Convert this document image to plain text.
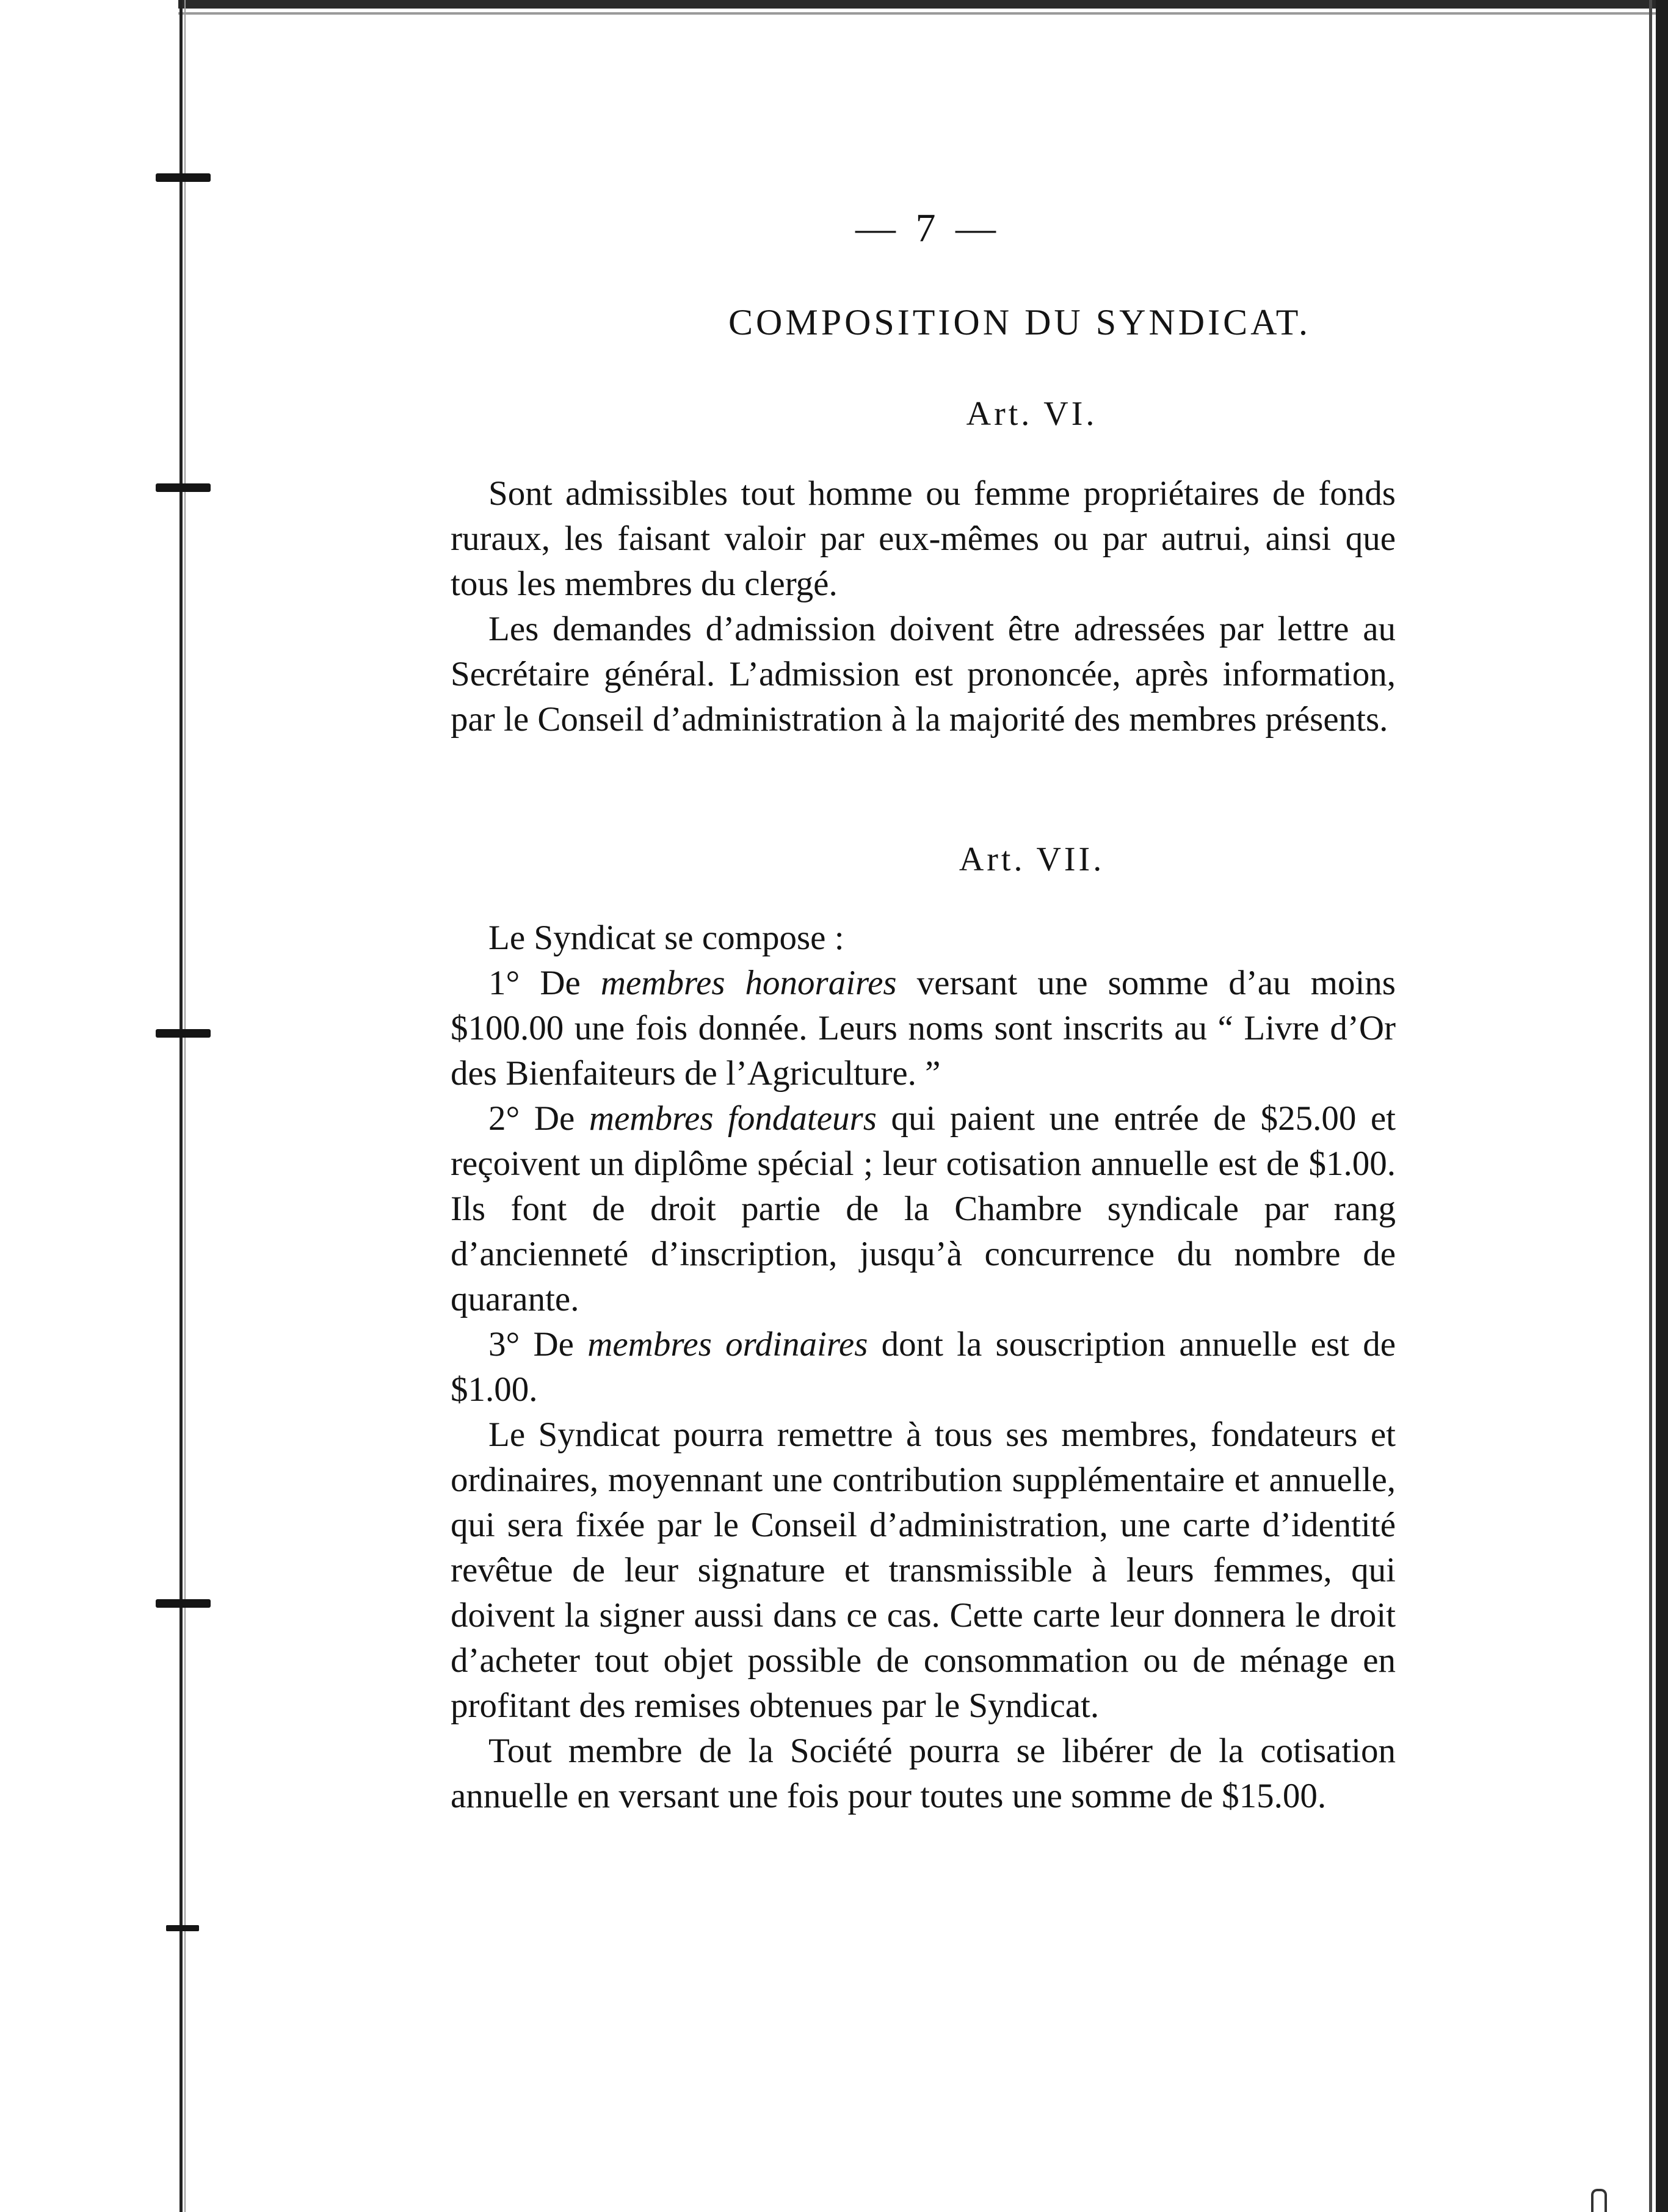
— 7 —
COMPOSITION DU SYNDICAT.
Art. VI.

Sont admissibles tout homme ou femme propriétaires de fonds ruraux, les faisant valoir par eux-mêmes ou par autrui, ainsi que tous les membres du clergé.

Les demandes d’admission doivent être adressées par lettre au Secrétaire général. L’admission est prononcée, après information, par le Conseil d’administration à la majorité des membres présents.

Art. VII.

Le Syndicat se compose :

1° De membres honoraires versant une somme d’au moins $100.00 une fois donnée. Leurs noms sont inscrits au “ Livre d’Or des Bienfaiteurs de l’Agriculture. ”

2° De membres fondateurs qui paient une entrée de $25.00 et reçoivent un diplôme spécial ; leur cotisation annuelle est de $1.00. Ils font de droit partie de la Chambre syndicale par rang d’ancienneté d’inscription, jusqu’à concurrence du nombre de quarante.

3° De membres ordinaires dont la souscription annuelle est de $1.00.

Le Syndicat pourra remettre à tous ses membres, fondateurs et ordinaires, moyennant une contribution supplémentaire et annuelle, qui sera fixée par le Conseil d’administration, une carte d’identité revêtue de leur signature et transmissible à leurs femmes, qui doivent la signer aussi dans ce cas. Cette carte leur donnera le droit d’acheter tout objet possible de consommation ou de ménage en profitant des remises obtenues par le Syndicat.

Tout membre de la Société pourra se libérer de la cotisation annuelle en versant une fois pour toutes une somme de $15.00.
